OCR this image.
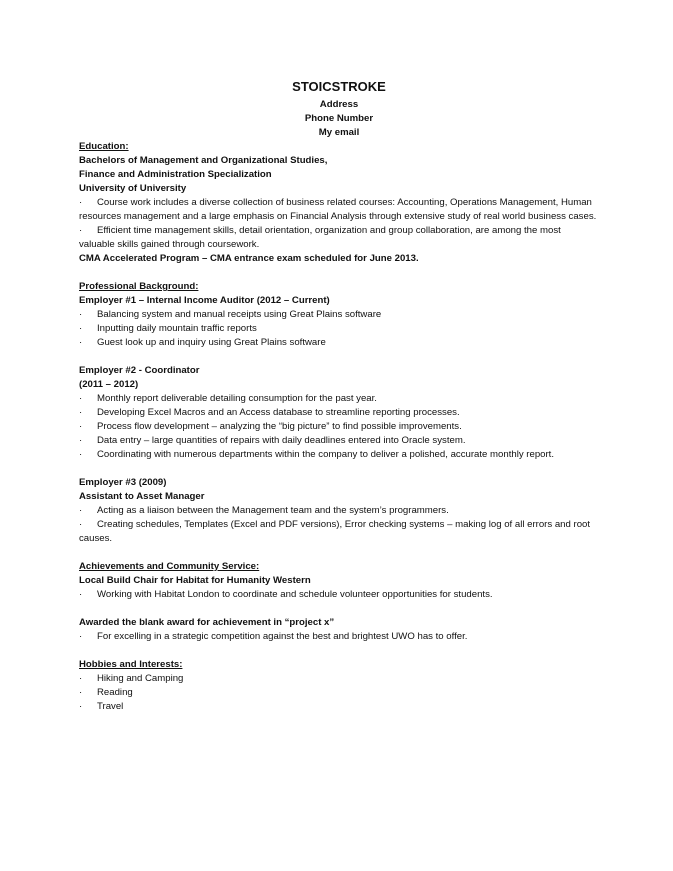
STOICSTROKE
Address
Phone Number
My email
Education:
Bachelors of Management and Organizational Studies,
Finance and Administration Specialization
University of University
· Course work includes a diverse collection of business related courses: Accounting, Operations Management, Human resources management and a large emphasis on Financial Analysis through extensive study of real world business cases.
· Efficient time management skills, detail orientation, organization and group collaboration, are among the most valuable skills gained through coursework.
CMA Accelerated Program – CMA entrance exam scheduled for June 2013.
Professional Background:
Employer #1 – Internal Income Auditor (2012 – Current)
·	Balancing system and manual receipts using Great Plains software
·	Inputting daily mountain traffic reports
·	Guest look up and inquiry using Great Plains software
Employer #2 - Coordinator
(2011 – 2012)
·	Monthly report deliverable detailing consumption for the past year.
·	Developing Excel Macros and an Access database to streamline reporting processes.
·	Process flow development – analyzing the “big picture” to find possible improvements.
·	Data entry – large quantities of repairs with daily deadlines entered into Oracle system.
·	Coordinating with numerous departments within the company to deliver a polished, accurate monthly report.
Employer #3 (2009)
Assistant to Asset Manager
·	Acting as a liaison between the Management team and the system’s programmers.
· Creating schedules, Templates (Excel and PDF versions), Error checking systems – making log of all errors and root causes.
Achievements and Community Service:
Local Build Chair for Habitat for Humanity Western
·	Working with Habitat London to coordinate and schedule volunteer opportunities for students.
Awarded the blank award for achievement in “project x”
·	For excelling in a strategic competition against the best and brightest UWO has to offer.
Hobbies and Interests:
·	Hiking and Camping
·	Reading
·	Travel
